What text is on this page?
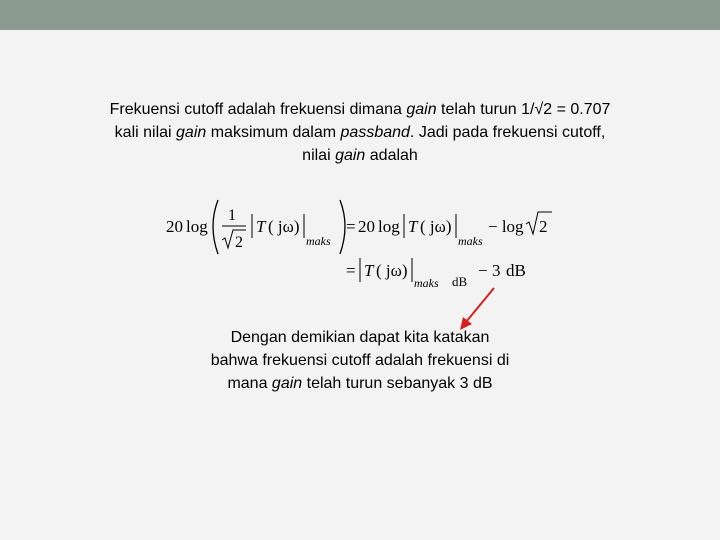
Frekuensi cutoff adalah frekuensi dimana gain telah turun 1/√2 = 0.707
kali nilai gain maksimum dalam passband. Jadi pada frekuensi cutoff,
nilai gain adalah
20 log
1
2
T ( jω)
maks
= 20 log T ( jω)
maks
− log 2
= T ( jω)
maks dB
− 3 dB
Dengan demikian dapat kita katakan
bahwa frekuensi cutoff adalah frekuensi di
mana gain telah turun sebanyak 3 dB
